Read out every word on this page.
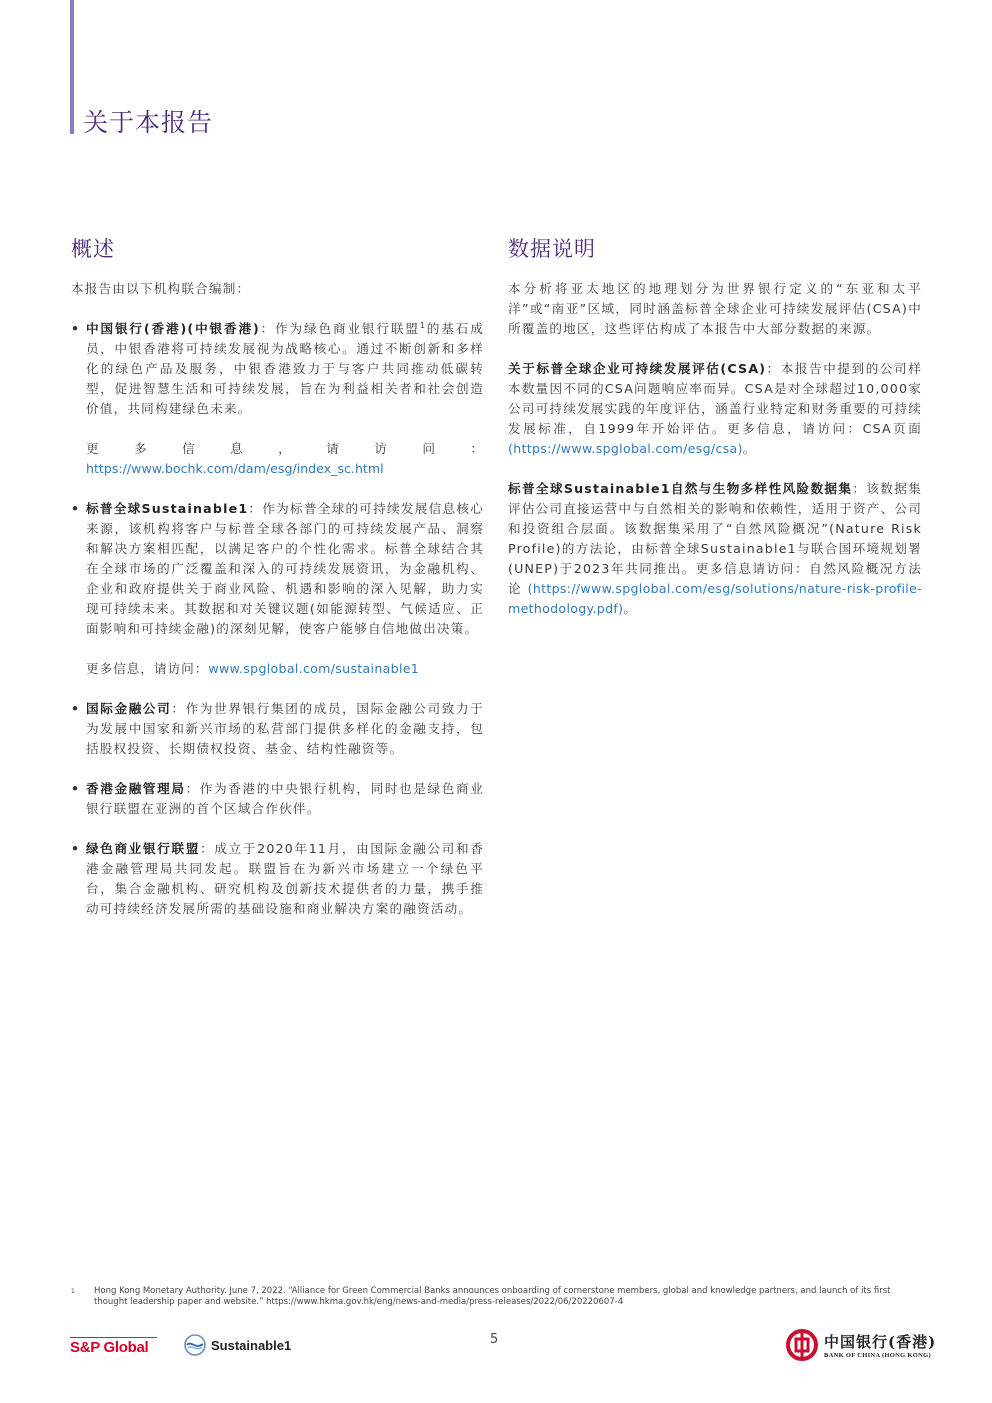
关于本报告
概述

本报告由以下机构联合编制：

• 中国银行(香港)(中银香港)：作为绿色商业银行联盟$^1$的基石成员，中银香港将可持续发展视为战略核心。通过不断创新和多样化的绿色产品及服务，中银香港致力于与客户共同推动低碳转型，促进智慧生活和可持续发展，旨在为利益相关者和社会创造价值，共同构建绿色未来。

更多信息，请访问：https://www.bochk.com/dam/esg/index_sc.html

• 标普全球Sustainable1：作为标普全球的可持续发展信息核心来源，该机构将客户与标普全球各部门的可持续发展产品、洞察和解决方案相匹配，以满足客户的个性化需求。标普全球结合其在全球市场的广泛覆盖和深入的可持续发展资讯，为金融机构、企业和政府提供关于商业风险、机遇和影响的深入见解，助力实现可持续未来。其数据和对关键议题(如能源转型、气候适应、正面影响和可持续金融)的深刻见解，使客户能够自信地做出决策。

更多信息，请访问：www.spglobal.com/sustainable1

• 国际金融公司：作为世界银行集团的成员，国际金融公司致力于为发展中国家和新兴市场的私营部门提供多样化的金融支持，包括股权投资、长期债权投资、基金、结构性融资等。
• 香港金融管理局：作为香港的中央银行机构，同时也是绿色商业银行联盟在亚洲的首个区域合作伙伴。
• 绿色商业银行联盟：成立于2020年11月，由国际金融公司和香港金融管理局共同发起。联盟旨在为新兴市场建立一个绿色平台，集合金融机构、研究机构及创新技术提供者的力量，携手推动可持续经济发展所需的基础设施和商业解决方案的融资活动。
数据说明

本分析将亚太地区的地理划分为世界银行定义的“东亚和太平洋”或“南亚”区域，同时涵盖标普全球企业可持续发展评估(CSA)中所覆盖的地区，这些评估构成了本报告中大部分数据的来源。

关于标普全球企业可持续发展评估(CSA)：本报告中提到的公司样本数量因不同的CSA问题响应率而异。CSA是对全球超过10,000家公司可持续发展实践的年度评估，涵盖行业特定和财务重要的可持续发展标准，自1999年开始评估。更多信息，请访问：CSA页面(https://www.spglobal.com/esg/csa)。

标普全球Sustainable1自然与生物多样性风险数据集：该数据集评估公司直接运营中与自然相关的影响和依赖性，适用于资产、公司和投资组合层面。该数据集采用了“自然风险概况”(Nature Risk Profile)的方法论，由标普全球Sustainable1与联合国环境规划署(UNEP)于2023年共同推出。更多信息请访问：自然风险概况方法论(https://www.spglobal.com/esg/solutions/nature-risk-profile-methodology.pdf)。

1 Hong Kong Monetary Authority. June 7, 2022. “Alliance for Green Commercial Banks announces onboarding of cornerstone members, global and knowledge partners, and launch of its first thought leadership paper and website.” https://www.hkma.gov.hk/eng/news-and-media/press-releases/2022/06/20220607-4
S&P Global	Sustainable1	5	中国银行(香港)
BANK OF CHINA (HONG KONG)
